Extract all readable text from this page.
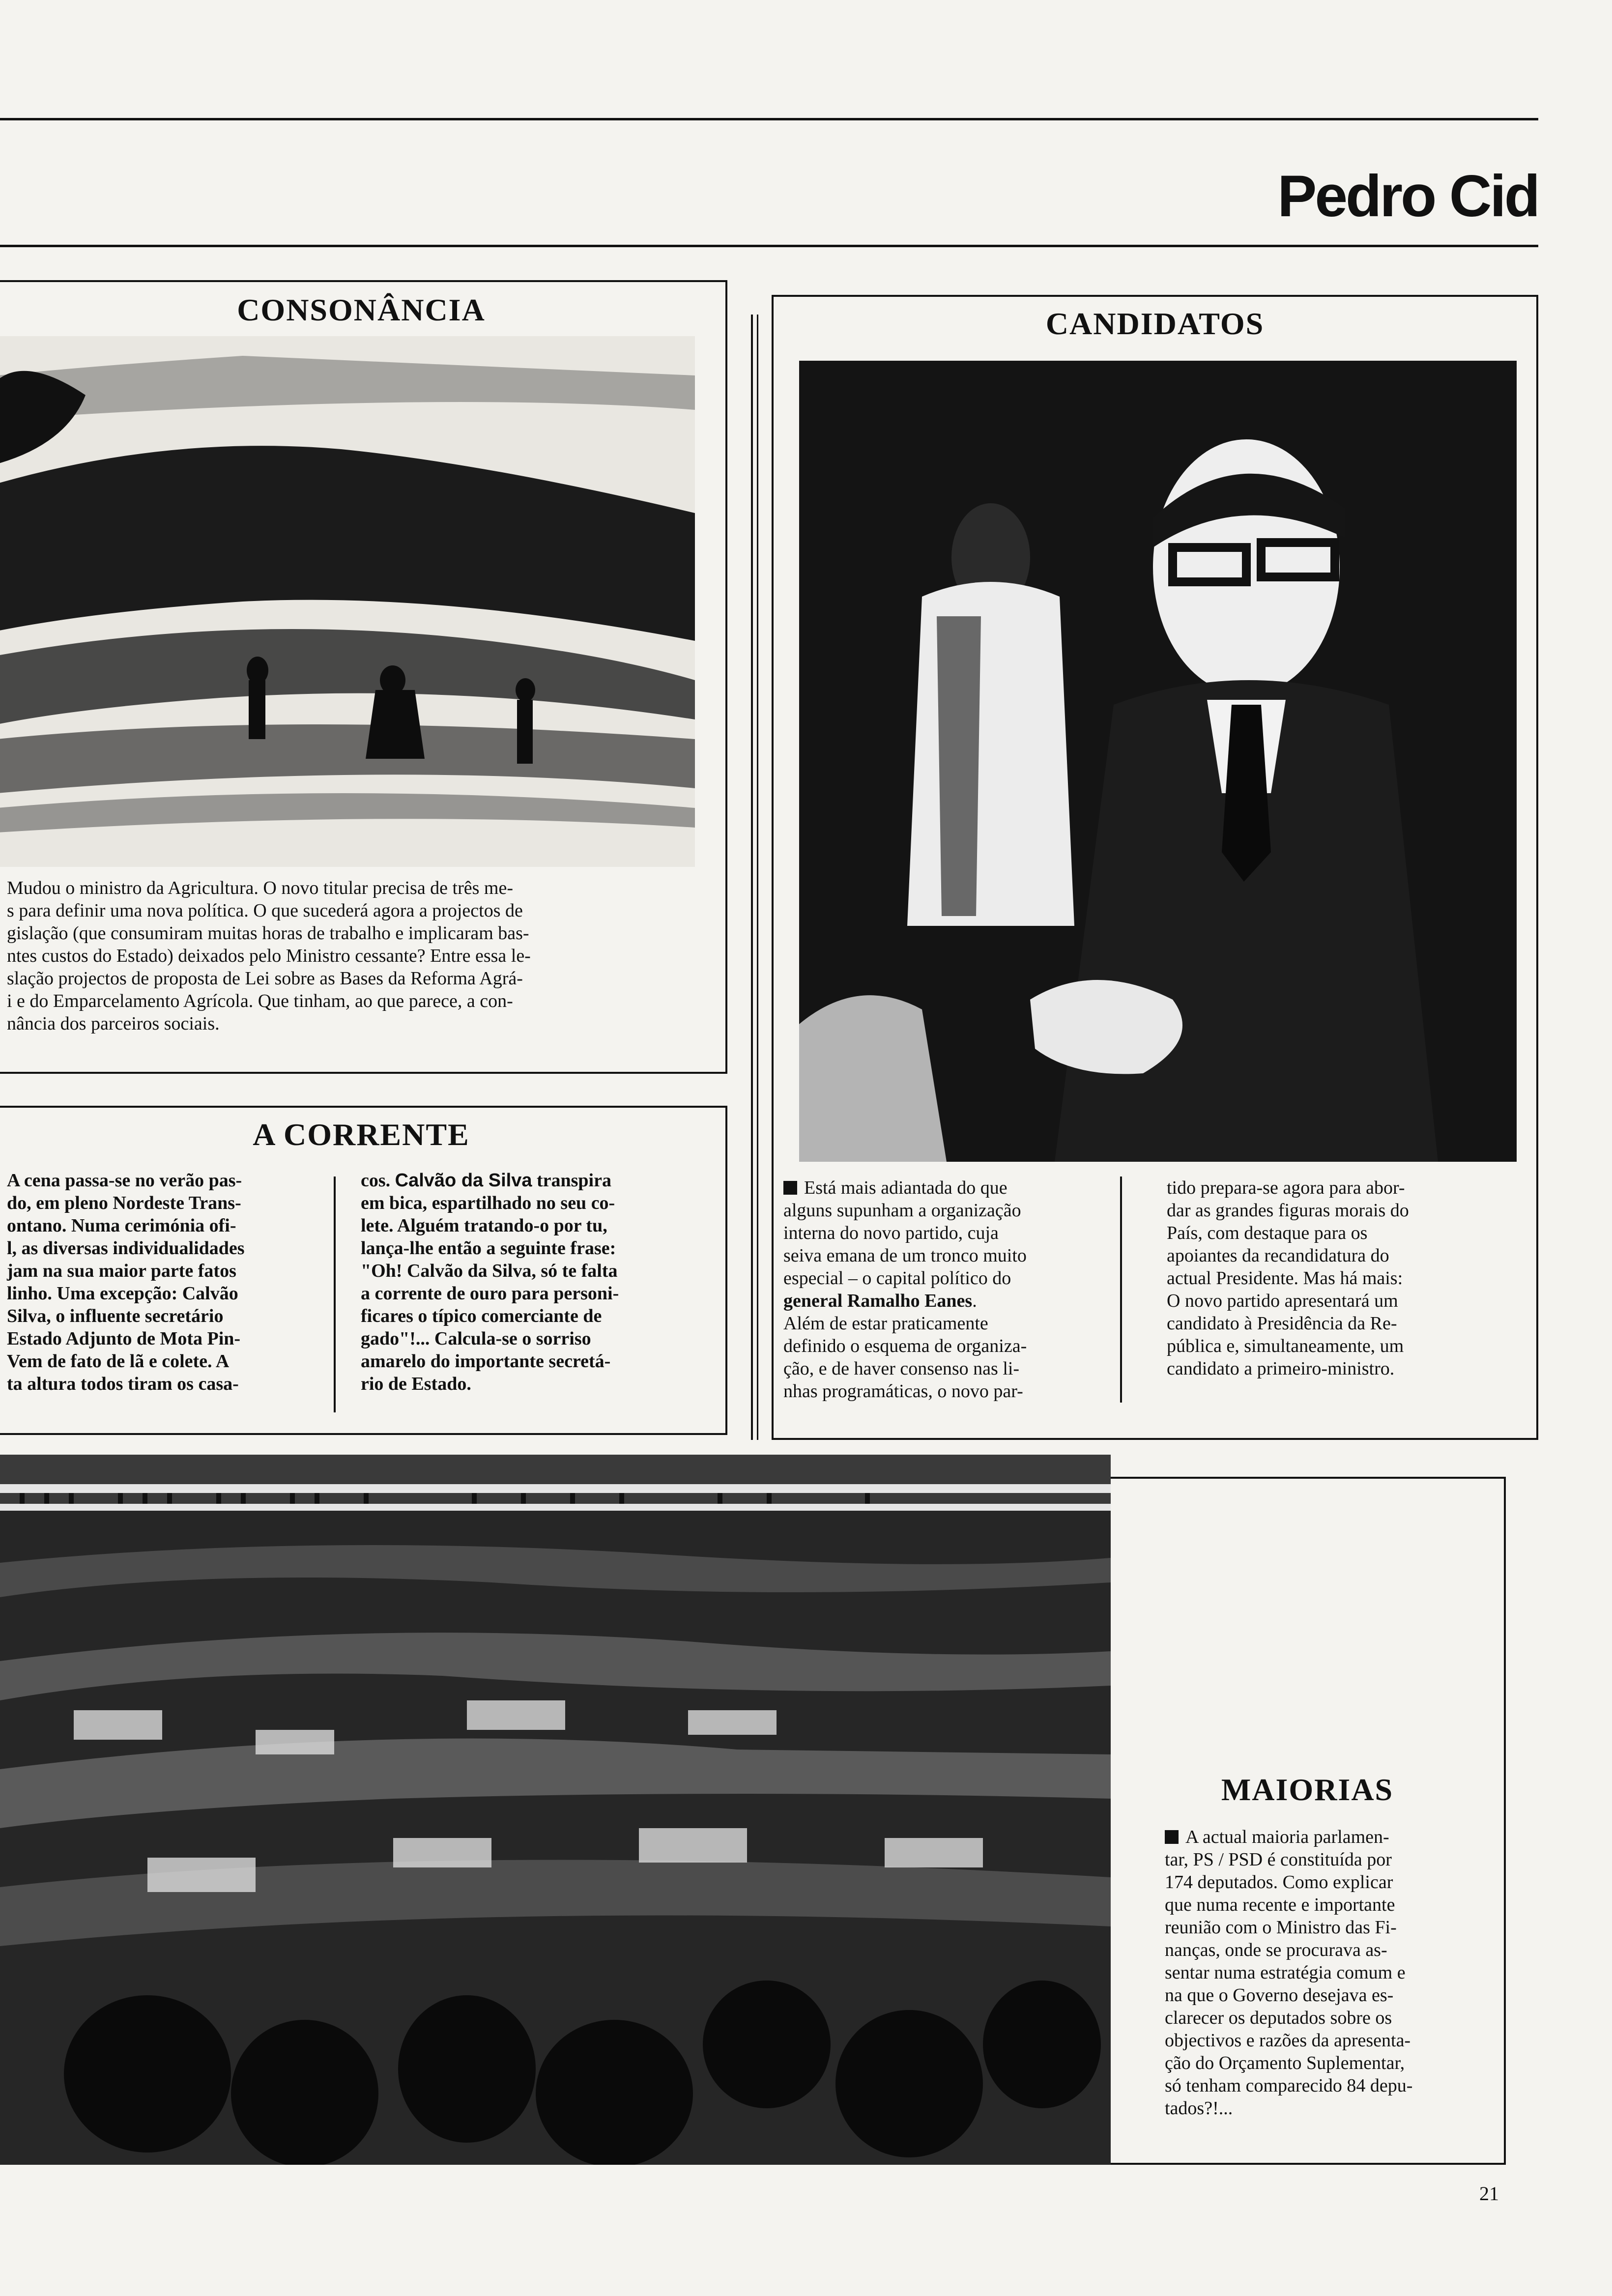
Pedro Cid
CONSONÂNCIA
Mudou o ministro da Agricultura. O novo titular precisa de três me-
s para definir uma nova política. O que sucederá agora a projectos de
gislação (que consumiram muitas horas de trabalho e implicaram bas-
ntes custos do Estado) deixados pelo Ministro cessante? Entre essa le-
slação projectos de proposta de Lei sobre as Bases da Reforma Agrá-
i e do Emparcelamento Agrícola. Que tinham, ao que parece, a con-
nância dos parceiros sociais.
A CORRENTE
A cena passa-se no verão pas-
do, em pleno Nordeste Trans-
ontano. Numa cerimónia ofi-
l, as diversas individualidades
jam na sua maior parte fatos
linho. Uma excepção: Calvão
Silva, o influente secretário
Estado Adjunto de Mota Pin-
Vem de fato de lã e colete. A
ta altura todos tiram os casa-
cos. Calvão da Silva transpira
em bica, espartilhado no seu co-
lete. Alguém tratando-o por tu,
lança-lhe então a seguinte frase:
"Oh! Calvão da Silva, só te falta
a corrente de ouro para personi-
ficares o típico comerciante de
gado"!... Calcula-se o sorriso
amarelo do importante secretá-
rio de Estado.
CANDIDATOS
Está mais adiantada do que
alguns supunham a organização
interna do novo partido, cuja
seiva emana de um tronco muito
especial – o capital político do
general Ramalho Eanes.
Além de estar praticamente
definido o esquema de organiza-
ção, e de haver consenso nas li-
nhas programáticas, o novo par-
tido prepara-se agora para abor-
dar as grandes figuras morais do
País, com destaque para os
apoiantes da recandidatura do
actual Presidente. Mas há mais:
O novo partido apresentará um
candidato à Presidência da Re-
pública e, simultaneamente, um
candidato a primeiro-ministro.
MAIORIAS
A actual maioria parlamen-
tar, PS / PSD é constituída por
174 deputados. Como explicar
que numa recente e importante
reunião com o Ministro das Fi-
nanças, onde se procurava as-
sentar numa estratégia comum e
na que o Governo desejava es-
clarecer os deputados sobre os
objectivos e razões da apresenta-
ção do Orçamento Suplementar,
só tenham comparecido 84 depu-
tados?!...
21
